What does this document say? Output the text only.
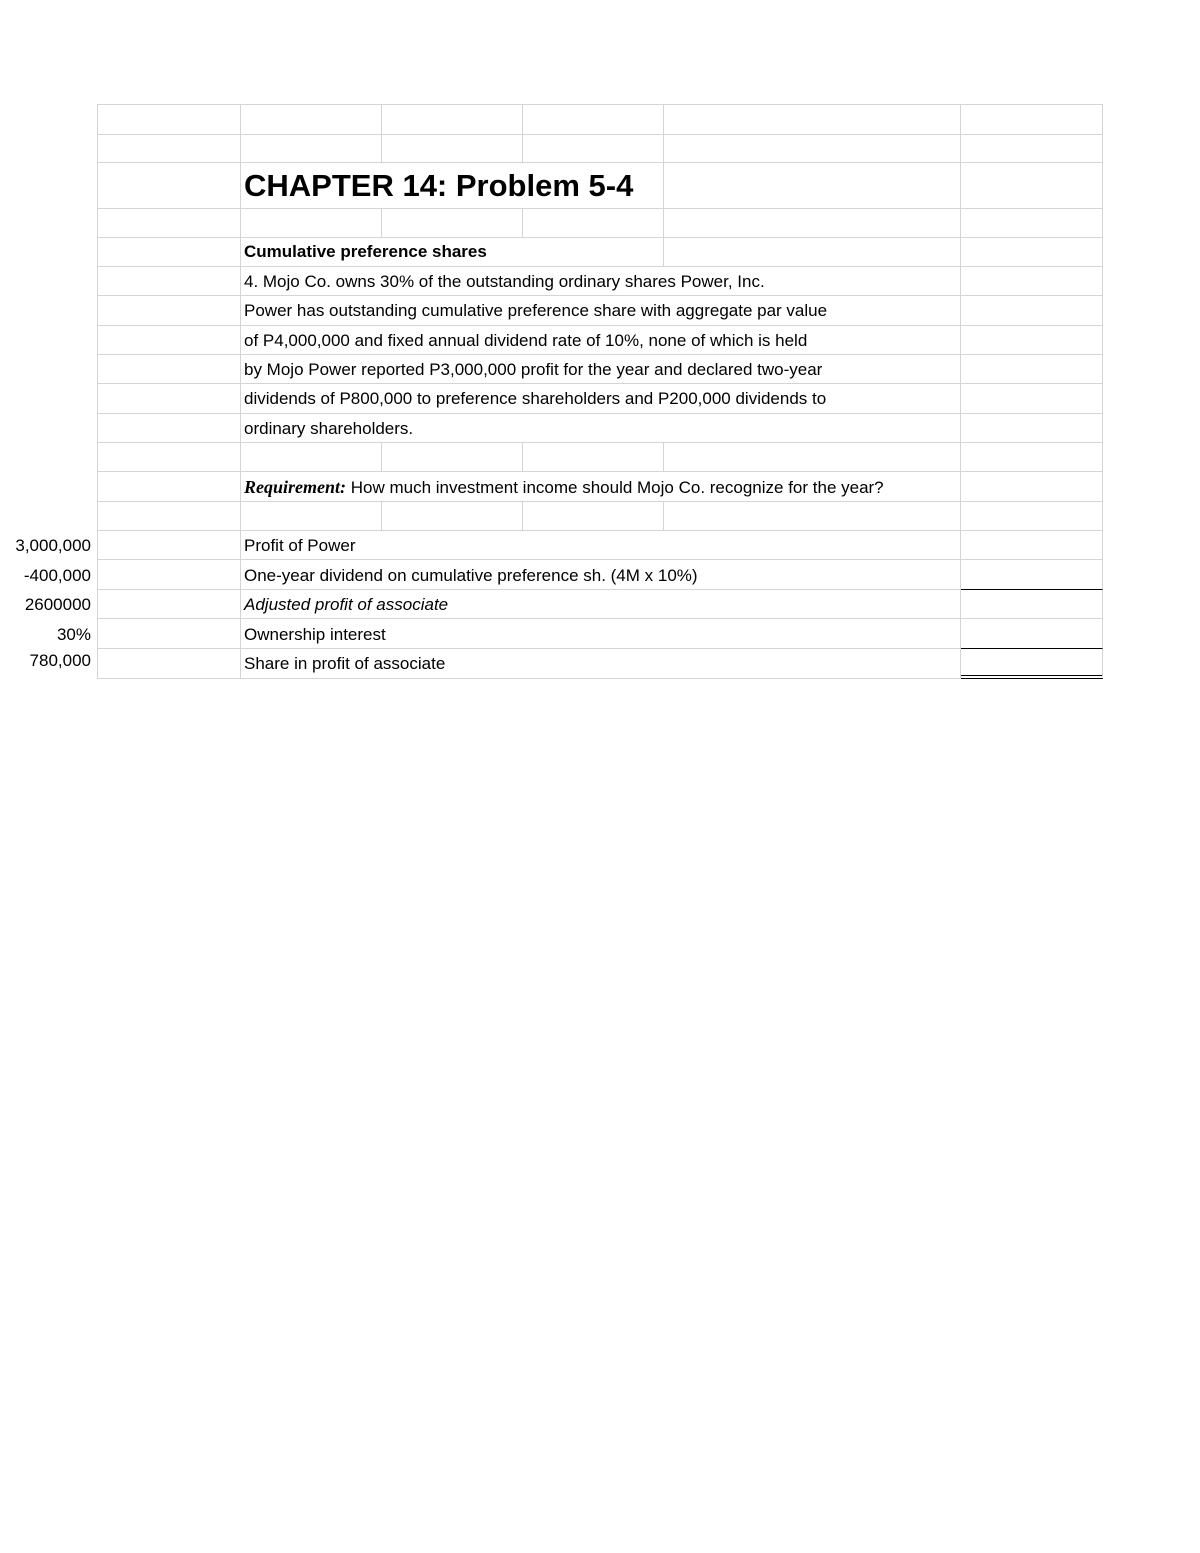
CHAPTER 14: Problem 5-4
Cumulative preference shares
4. Mojo Co. owns 30% of the outstanding ordinary shares Power, Inc.
Power has outstanding cumulative preference share with aggregate par value
of P4,000,000 and fixed annual dividend rate of 10%, none of which is held
by Mojo Power reported P3,000,000 profit for the year and declared two-year
dividends of P800,000 to preference shareholders and P200,000 dividends to
ordinary shareholders.
Requirement: How much investment income should Mojo Co. recognize for the year?
Profit of Power
3,000,000
One-year dividend on cumulative preference sh. (4M x 10%)
-400,000
Adjusted profit of associate
2600000
Ownership interest
30%
Share in profit of associate
780,000
